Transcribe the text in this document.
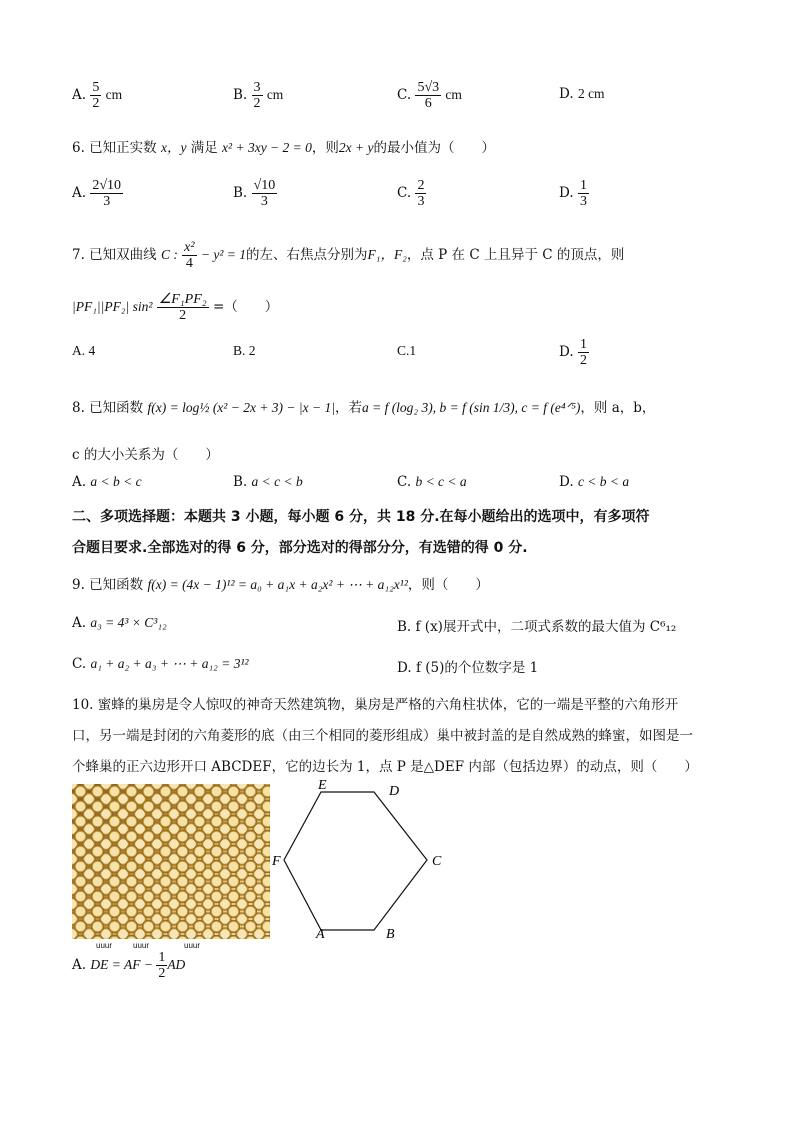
A. $\frac{5}{2}$ cm	B. $\frac{3}{2}$ cm	C. $\frac{5√3}{6}$ cm	D. 2 cm
6. 已知正实数 x，y 满足 x² + 3xy − 2 = 0，则2x + y的最小值为（　　）
A. $\frac{2√10}{3}$	B. $\frac{√10}{3}$	C. $\frac{2}{3}$	D. $\frac{1}{3}$
7. 已知双曲线 C : $\frac{\text{x²}}{4} - y^2 = 1$的左、右焦点分别为F₁，F₂，点 P 在 C 上且异于 C 的顶点，则
|PF₁||PF₂| $\sin^2 \frac{\text{∠F₁PF₂}}{2}$ =（　　）
A. 4	B. 2	C.1	D. $\frac{1}{2}$
8. 已知函数 f(x) = log½ (x² − 2x + 3) − |x − 1|，若a = f (log₂ 3), b = f (sin 1/3), c = f (e⁴ᐟ⁵)，则 a，b，
c 的大小关系为（　　）
A. a < b < c	B. a < c < b	C. b < c < a	D. c < b < a
二、多项选择题：本题共 3 小题，每小题 6 分，共 18 分.在每小题给出的选项中，有多项符
合题目要求.全部选对的得 6 分，部分选对的得部分分，有选错的得 0 分.
9. 已知函数 f(x) = (4x − 1)¹² = a₀ + a₁x + a₂x² + ⋯ + a₁₂x¹²，则（　　）
A. a₃ = 4³ × C³₁₂	B. f (x)展开式中，二项式系数的最大值为 C⁶₁₂
C. a₁ + a₂ + a₃ + ⋯ + a₁₂ = 3¹²	D. f (5)的个位数字是 1
10. 蜜蜂的巢房是令人惊叹的神奇天然建筑物，巢房是严格的六角柱状体，它的一端是平整的六角形开
口，另一端是封闭的六角菱形的底（由三个相同的菱形组成）巢中被封盖的是自然成熟的蜂蜜，如图是一
个蜂巢的正六边形开口 ABCDEF，它的边长为 1，点 P 是△DEF 内部（包括边界）的动点，则（　　）
E	D
C
F
A	B
uuur	uuur	uuur
A. DE = AF − $\frac{1}{2}$ AD
